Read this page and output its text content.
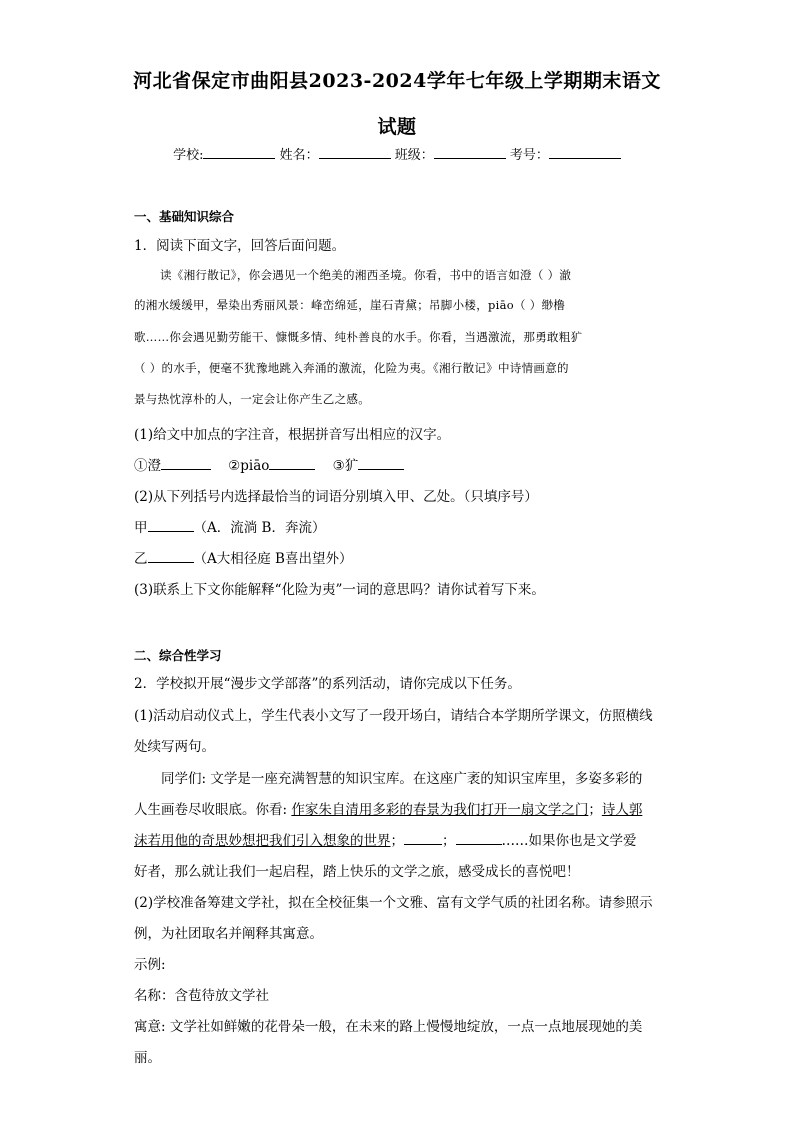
河北省保定市曲阳县2023-2024学年七年级上学期期末语文
试题
学校:	姓名：	班级：	考号：
一、基础知识综合
1．阅读下面文字，回答后面问题。
读《湘行散记》，你会遇见一个绝美的湘西圣境。你看，书中的语言如澄（ ）澈
的湘水缓缓甲，晕染出秀丽风景：峰峦绵延，崖石青黛；吊脚小楼，piāo（ ）缈橹
歌……你会遇见勤劳能干、慷慨多情、纯朴善良的水手。你看，当遇激流，那勇敢粗犷
（ ）的水手，便毫不犹豫地跳入奔涌的激流，化险为夷。《湘行散记》中诗情画意的
景与热忱淳朴的人，一定会让你产生乙之感。
(1)给文中加点的字注音，根据拼音写出相应的汉字。
①澄	②piāo	③犷
(2)从下列括号内选择最恰当的词语分别填入甲、乙处。（只填序号）
甲	（A．流淌 B．奔流）
乙	（A大相径庭 B喜出望外）
(3)联系上下文你能解释“化险为夷”一词的意思吗？请你试着写下来。
二、综合性学习
2．学校拟开展“漫步文学部落”的系列活动，请你完成以下任务。
(1)活动启动仪式上，学生代表小文写了一段开场白，请结合本学期所学课文，仿照横线
处续写两句。
同学们: 文学是一座充满智慧的知识宝库。在这座广袤的知识宝库里，多姿多彩的
人生画卷尽收眼底。你看: 作家朱自清用多彩的春景为我们打开一扇文学之门；诗人郭
沫若用他的奇思妙想把我们引入想象的世界；	；	……如果你也是文学爱
好者，那么就让我们一起启程，踏上快乐的文学之旅，感受成长的喜悦吧！
(2)学校准备筹建文学社，拟在全校征集一个文雅、富有文学气质的社团名称。请参照示
例，为社团取名并阐释其寓意。
示例:
名称：含苞待放文学社
寓意: 文学社如鲜嫩的花骨朵一般，在未来的路上慢慢地绽放，一点一点地展现她的美
丽。
